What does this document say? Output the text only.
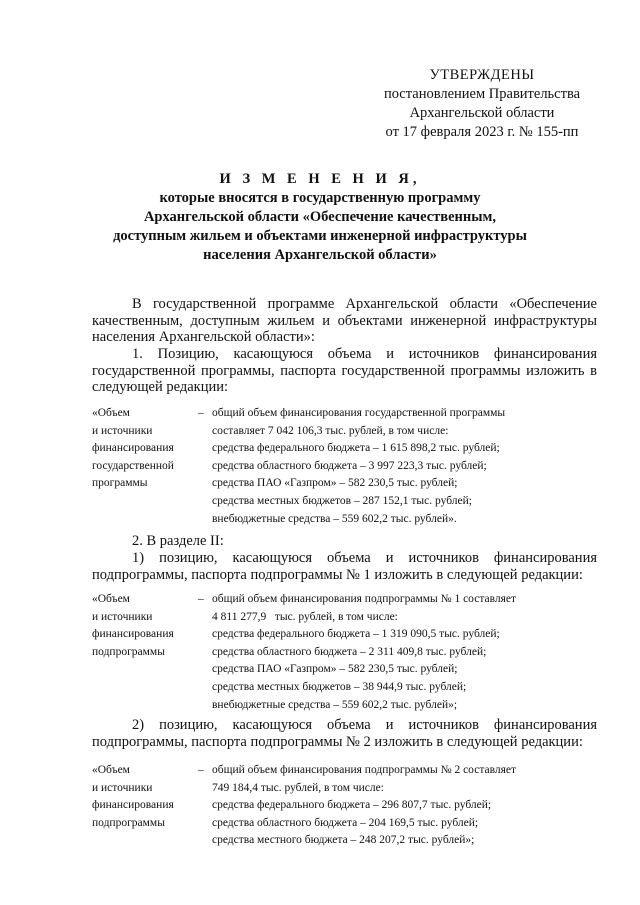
УТВЕРЖДЕНЫ
постановлением Правительства
Архангельской области
от 17 февраля 2023 г. № 155-пп
И З М Е Н Е Н И Я,
которые вносятся в государственную программу
Архангельской области «Обеспечение качественным,
доступным жильем и объектами инженерной инфраструктуры
населения Архангельской области»
В государственной программе Архангельской области «Обеспечение качественным, доступным жильем и объектами инженерной инфраструктуры населения Архангельской области»:
1. Позицию, касающуюся объема и источников финансирования государственной программы, паспорта государственной программы изложить в следующей редакции:
«Объем
и источники
финансирования
государственной
программы
– общий объем финансирования государственной программы
составляет 7 042 106,3 тыс. рублей, в том числе:
средства федерального бюджета – 1 615 898,2 тыс. рублей;
средства областного бюджета – 3 997 223,3 тыс. рублей;
средства ПАО «Газпром» – 582 230,5 тыс. рублей;
средства местных бюджетов – 287 152,1 тыс. рублей;
внебюджетные средства – 559 602,2 тыс. рублей».
2. В разделе II:
1) позицию, касающуюся объема и источников финансирования подпрограммы, паспорта подпрограммы № 1 изложить в следующей редакции:
«Объем
и источники
финансирования
подпрограммы
– общий объем финансирования подпрограммы № 1 составляет
4 811 277,9   тыс. рублей, в том числе:
средства федерального бюджета – 1 319 090,5 тыс. рублей;
средства областного бюджета – 2 311 409,8 тыс. рублей;
средства ПАО «Газпром» – 582 230,5 тыс. рублей;
средства местных бюджетов – 38 944,9 тыс. рублей;
внебюджетные средства – 559 602,2 тыс. рублей»;
2) позицию, касающуюся объема и источников финансирования подпрограммы, паспорта подпрограммы № 2 изложить в следующей редакции:
«Объем
и источники
финансирования
подпрограммы
– общий объем финансирования подпрограммы № 2 составляет
749 184,4 тыс. рублей, в том числе:
средства федерального бюджета – 296 807,7 тыс. рублей;
средства областного бюджета – 204 169,5 тыс. рублей;
средства местного бюджета – 248 207,2 тыс. рублей»;
